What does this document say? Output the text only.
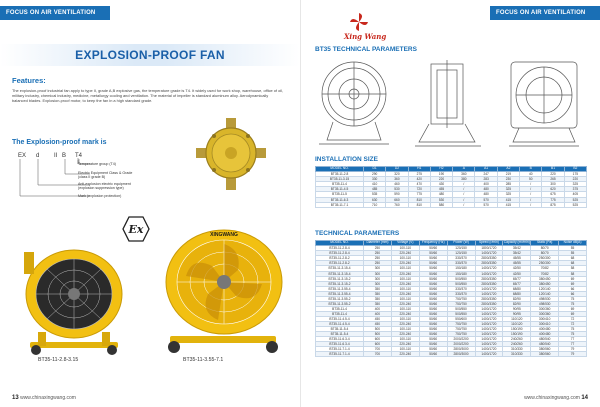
FOCUS ON AIR VENTILATION SOLUTION
EXPLOSION-PROOF FAN
Features:
The explosion-proof industrial fan apply to type II, grade A,B explosive gas, the temperature grade is T4. It widely used for work shop, warehouse, office of oil, military industry, chemical industry, medicine, metallurgy cooling and ventilation. The material of impeller is standard aluminum alloy. Aerodynamically balanced blades. Explosion-proof motor, to keep the fan in a high standard grade.
The Explosion-proof mark is
EX d II B T4
Temperature group (T4)
Electric Equipment Class & Grade (class II grade B)
Anti-explosion electric equipment (explosion suppression type)
Mark (explosion protection)
Ex
BT35-11-2.8-3.15
XINGWANG
BT35-11-3.55-7.1
13 www.chinaxingwang.com
FOCUS ON AIR VENTILATION SOLUTION
BT35 TECHNICAL PARAMETERS
INSTALLATION SIZE
MODEL NO.	D1	D2	H1	H2	A	A1	A2	B	B1	B2
BT35-11-2.8	290	320	275	190	360	247	219	40	220	175
BT35-11-3.15	330	360	420	220	380	283	230	50	265	220
BT35-11-4	410	460	470	430	/	400	285	/	300	325
BT35-11-4.5	485	530	720	455	/	480	325	/	620	375
BT35-11-5	535	590	775	480	/	480	325	/	675	405
BT35-11-6.3	630	660	810	530	/	570	415	/	775	525
BT35-11-7.1	710	760	810	580	/	570	415	/	875	525
TECHNICAL PARAMETERS
MODEL NO.	Diameter (mm)	Voltage (V)	Frequency (Hz)	Power (W)	Speed (r/min)	Capacity (m³/min)	Static (Pa)	Noise dB(A)
BT35-11-2.8-4	250	100-110	50/60	120/150	1800/1720	35/42	80/70	55
BT35-11-2.8-4	250	220-240	50/60	120/150	1400/1720	35/42	80/70	55
BT35-11-2.8-2	250	100-110	50/60	330/370	2800/3350	45/55	250/300	68
BT35-11-2.8-2	250	220-240	50/60	330/370	2800/3350	45/55	250/300	68
BT35-11-3.15-4	300	100-110	50/60	150/180	1400/1720	42/50	70/82	58
BT35-11-3.15-4	300	220-240	50/60	150/180	1400/1720	42/50	70/82	58
BT35-11-3.15-2	300	100-110	50/60	500/550	2800/3350	65/77	380/450	69
BT35-11-3.15-2	300	220-240	50/60	500/550	2800/3350	65/77	380/450	69
BT35-11-3.55-4	350	100-110	50/60	330/370	1400/1720	68/80	120/140	66
BT35-11-3.55-4	350	220-240	50/60	330/370	1400/1720	68/80	120/140	66
BT35-11-3.55-2	350	100-110	50/60	750/750	2800/3350	82/90	498/530	75
BT35-11-3.55-2	350	220-240	50/60	750/750	2800/3350	82/90	498/530	75
BT35-11-4	400	100-110	50/60	500/550	1400/1720	90/95	300/360	69
BT35-11-4	400	220-240	50/60	500/550	1400/1720	90/95	300/360	69
BT35-11-4.5-4	450	100-110	50/60	550/600	1400/1720	110/120	300/410	72
BT35-11-4.5-4	450	220-240	50/60	750/750	1400/1720	110/120	300/410	72
BT35-11-5-4	500	100-110	50/60	750/750	1400/1720	150/190	400/480	75
BT35-11-5-4	500	220-240	50/60	750/750	1400/1720	150/190	400/480	75
BT35-11-6.3-4	600	100-110	50/60	2000/2200	1400/1720	240/260	480/540	77
BT35-11-6.3-4	600	220-240	50/60	2000/2200	1400/1720	240/260	480/540	77
BT35-11-7.1-4	700	100-110	50/60	2800/3000	1400/1720	310/330	380/560	79
BT35-11-7.1-4	700	220-240	50/60	2800/3000	1400/1720	310/330	380/560	79
www.chinaxingwang.com 14
Xing Wang
